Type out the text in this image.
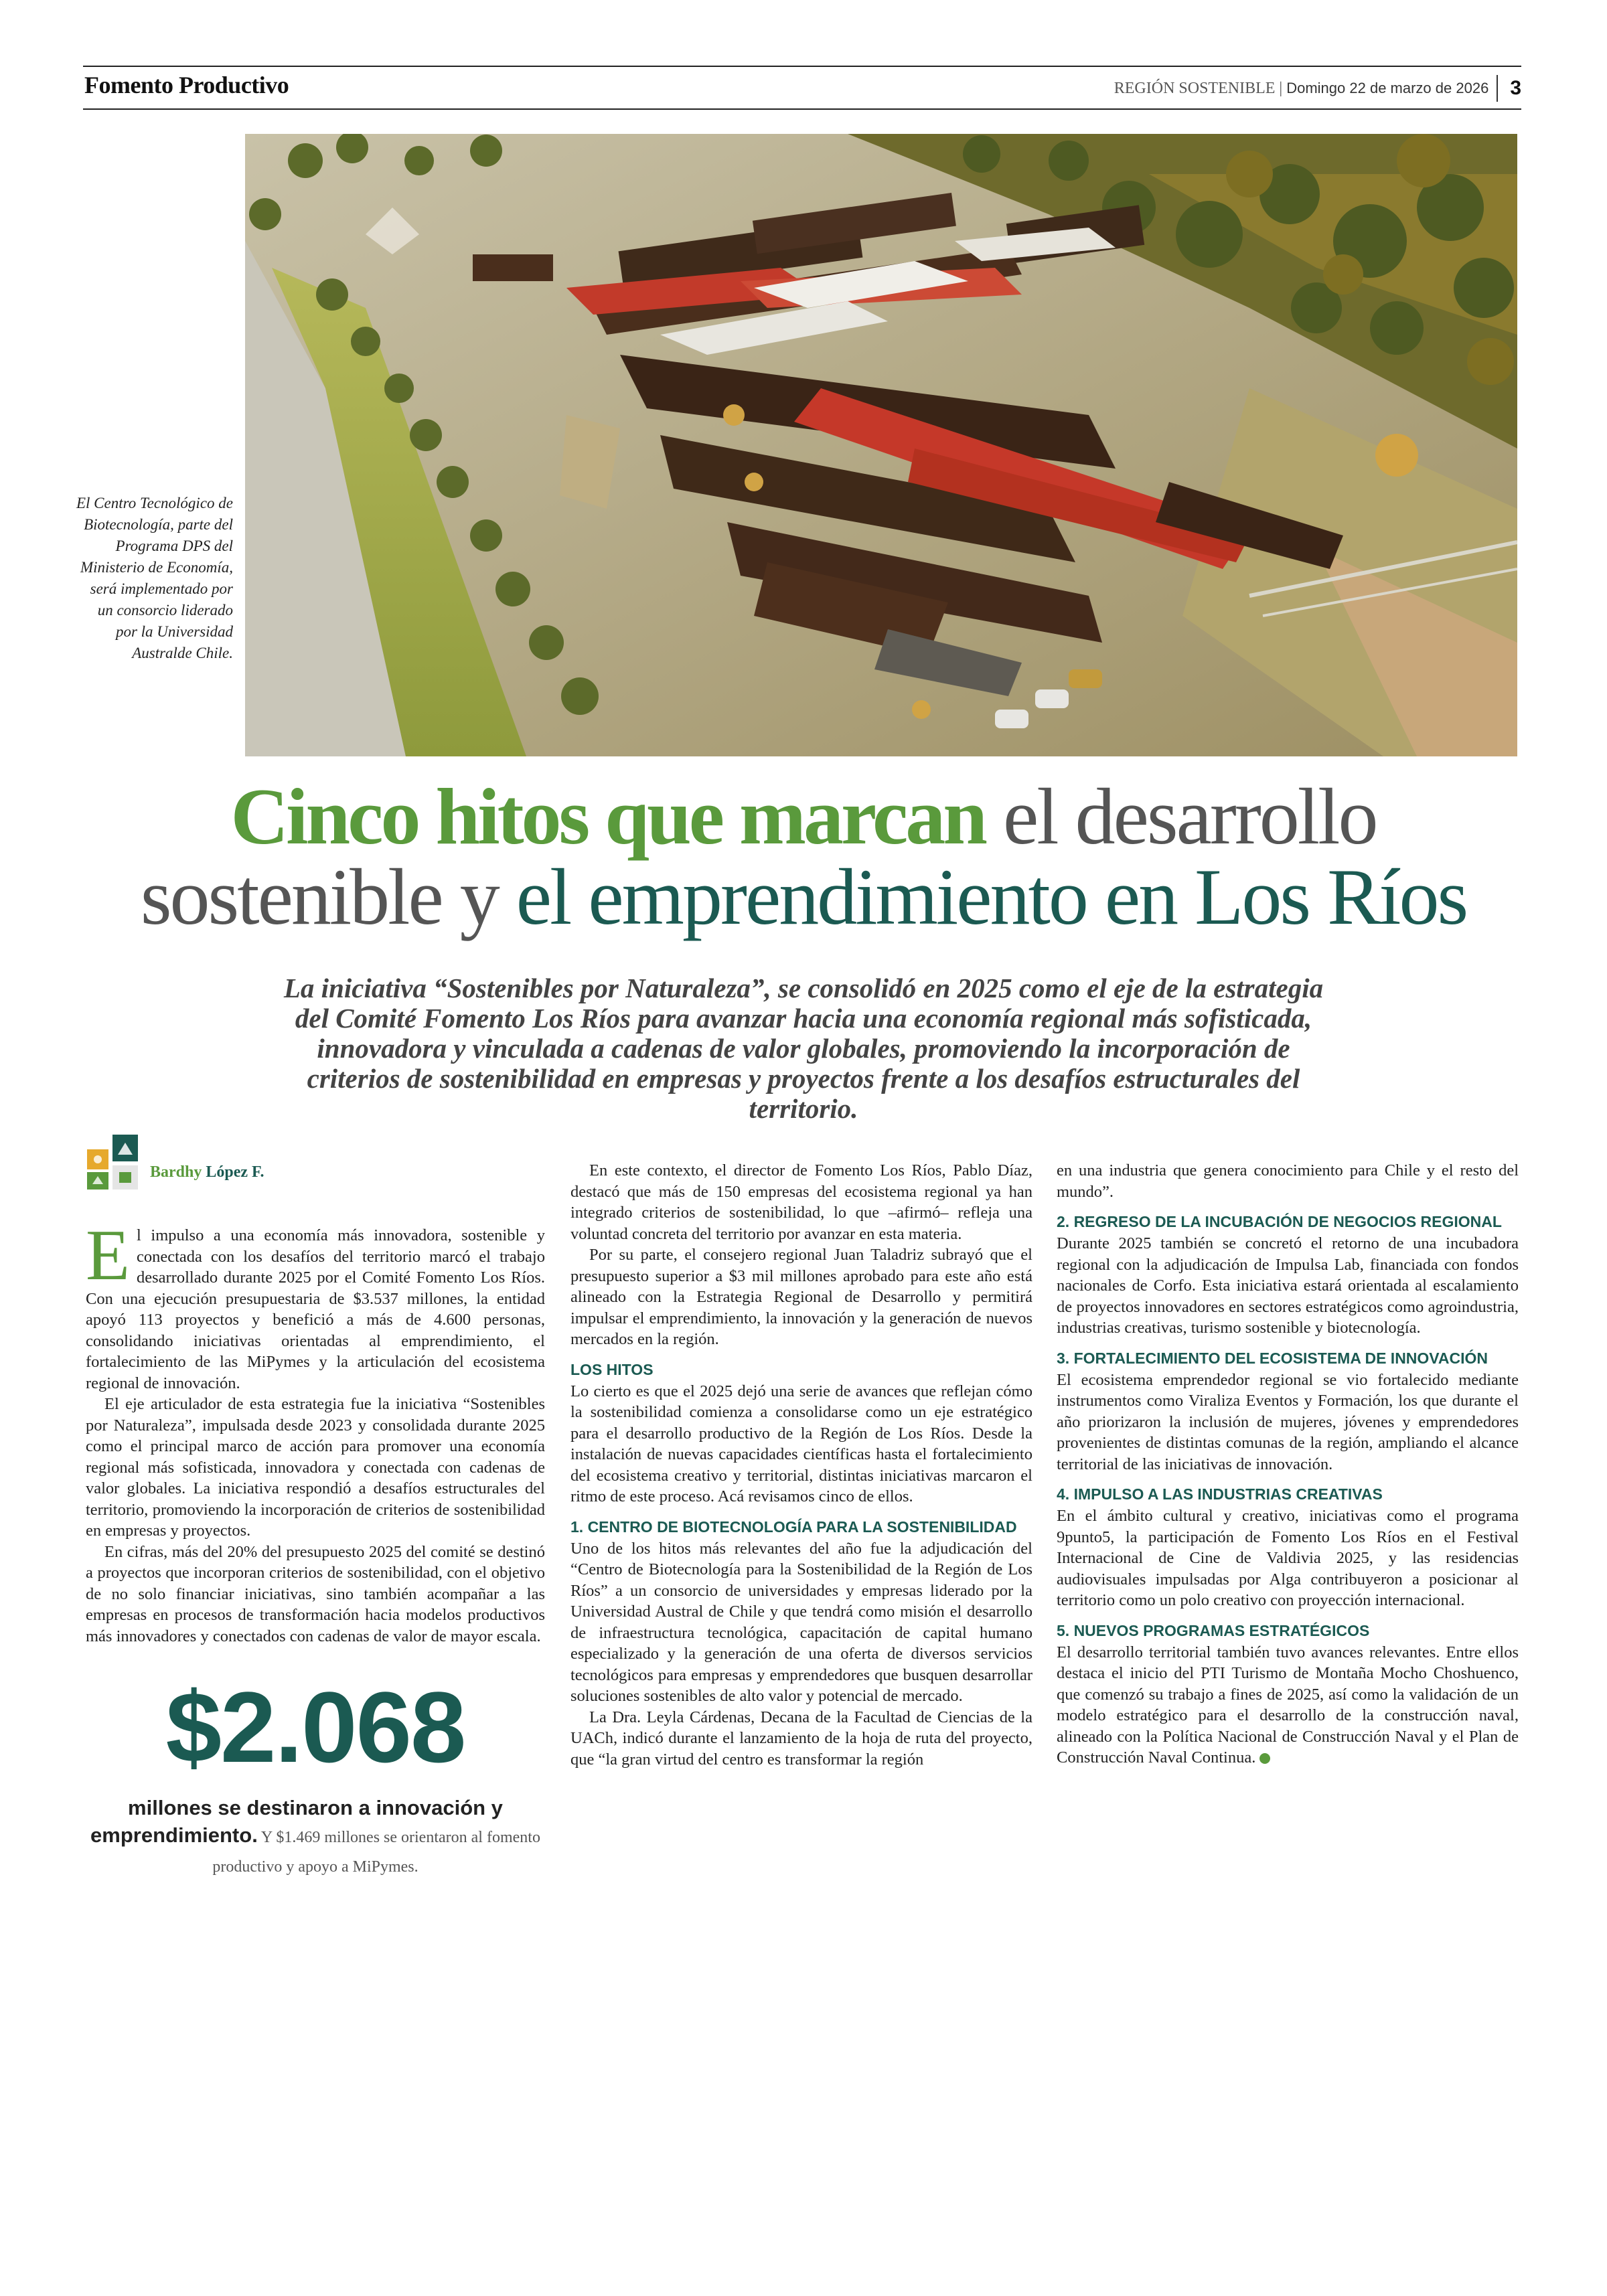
Fomento Productivo	REGIÓN SOSTENIBLE | Domingo 22 de marzo de 2026 3
El Centro Tecnológico de Biotecnología, parte del Programa DPS del Ministerio de Economía, será implementado por un consorcio liderado por la Universidad Australde Chile.
Cinco hitos que marcan el desarrollo
sostenible y el emprendimiento en Los Ríos
La iniciativa “Sostenibles por Naturaleza”, se consolidó en 2025 como el eje de la estrategia del Comité Fomento Los Ríos para avanzar hacia una economía regional más sofisticada, innovadora y vinculada a cadenas de valor globales, promoviendo la incorporación de criterios de sostenibilidad en empresas y proyectos frente a los desafíos estructurales del territorio.
Bardhy López F.

El impulso a una economía más innovadora, sostenible y conectada con los desafíos del territorio marcó el trabajo desarrollado durante 2025 por el Comité Fomento Los Ríos. Con una ejecución presupuestaria de $3.537 millones, la entidad apoyó 113 proyectos y benefició a más de 4.600 personas, consolidando iniciativas orientadas al emprendimiento, el fortalecimiento de las MiPymes y la articulación del ecosistema regional de innovación.

El eje articulador de esta estrategia fue la iniciativa “Sostenibles por Naturaleza”, impulsada desde 2023 y consolidada durante 2025 como el principal marco de acción para promover una economía regional más sofisticada, innovadora y conectada con cadenas de valor globales. La iniciativa respondió a desafíos estructurales del territorio, promoviendo la incorporación de criterios de sostenibilidad en empresas y proyectos.

En cifras, más del 20% del presupuesto 2025 del comité se destinó a proyectos que incorporan criterios de sostenibilidad, con el objetivo de no solo financiar iniciativas, sino también acompañar a las empresas en procesos de transformación hacia modelos productivos más innovadores y conectados con cadenas de valor de mayor escala.

$2.068
millones se destinaron a innovación y emprendimiento. Y $1.469 millones se orientaron al fomento productivo y apoyo a MiPymes.

En este contexto, el director de Fomento Los Ríos, Pablo Díaz, destacó que más de 150 empresas del ecosistema regional ya han integrado criterios de sostenibilidad, lo que –afirmó– refleja una voluntad concreta del territorio por avanzar en esta materia.

Por su parte, el consejero regional Juan Taladriz subrayó que el presupuesto superior a $3 mil millones aprobado para este año está alineado con la Estrategia Regional de Desarrollo y permitirá impulsar el emprendimiento, la innovación y la generación de nuevos mercados en la región.

LOS HITOS

Lo cierto es que el 2025 dejó una serie de avances que reflejan cómo la sostenibilidad comienza a consolidarse como un eje estratégico para el desarrollo productivo de la Región de Los Ríos. Desde la instalación de nuevas capacidades científicas hasta el fortalecimiento del ecosistema creativo y territorial, distintas iniciativas marcaron el ritmo de este proceso. Acá revisamos cinco de ellos.

1. CENTRO DE BIOTECNOLOGÍA PARA LA SOSTENIBILIDAD

Uno de los hitos más relevantes del año fue la adjudicación del “Centro de Biotecnología para la Sostenibilidad de la Región de Los Ríos” a un consorcio de universidades y empresas liderado por la Universidad Austral de Chile y que tendrá como misión el desarrollo de infraestructura tecnológica, capacitación de capital humano especializado y la generación de una oferta de diversos servicios tecnológicos para empresas y emprendedores que busquen desarrollar soluciones sostenibles de alto valor y potencial de mercado.

La Dra. Leyla Cárdenas, Decana de la Facultad de Ciencias de la UACh, indicó durante el lanzamiento de la hoja de ruta del proyecto, que “la gran virtud del centro es transformar la región

en una industria que genera conocimiento para Chile y el resto del mundo”.

2. REGRESO DE LA INCUBACIÓN DE NEGOCIOS REGIONAL

Durante 2025 también se concretó el retorno de una incubadora regional con la adjudicación de Impulsa Lab, financiada con fondos nacionales de Corfo. Esta iniciativa estará orientada al escalamiento de proyectos innovadores en sectores estratégicos como agroindustria, industrias creativas, turismo sostenible y biotecnología.

3. FORTALECIMIENTO DEL ECOSISTEMA DE INNOVACIÓN

El ecosistema emprendedor regional se vio fortalecido mediante instrumentos como Viraliza Eventos y Formación, los que durante el año priorizaron la inclusión de mujeres, jóvenes y emprendedores provenientes de distintas comunas de la región, ampliando el alcance territorial de las iniciativas de innovación.

4. IMPULSO A LAS INDUSTRIAS CREATIVAS

En el ámbito cultural y creativo, iniciativas como el programa 9punto5, la participación de Fomento Los Ríos en el Festival Internacional de Cine de Valdivia 2025, y las residencias audiovisuales impulsadas por Alga contribuyeron a posicionar al territorio como un polo creativo con proyección internacional.

5. NUEVOS PROGRAMAS ESTRATÉGICOS

El desarrollo territorial también tuvo avances relevantes. Entre ellos destaca el inicio del PTI Turismo de Montaña Mocho Choshuenco, que comenzó su trabajo a fines de 2025, así como la validación de un modelo estratégico para el desarrollo de la construcción naval, alineado con la Política Nacional de Construcción Naval y el Plan de Construcción Naval Continua.
